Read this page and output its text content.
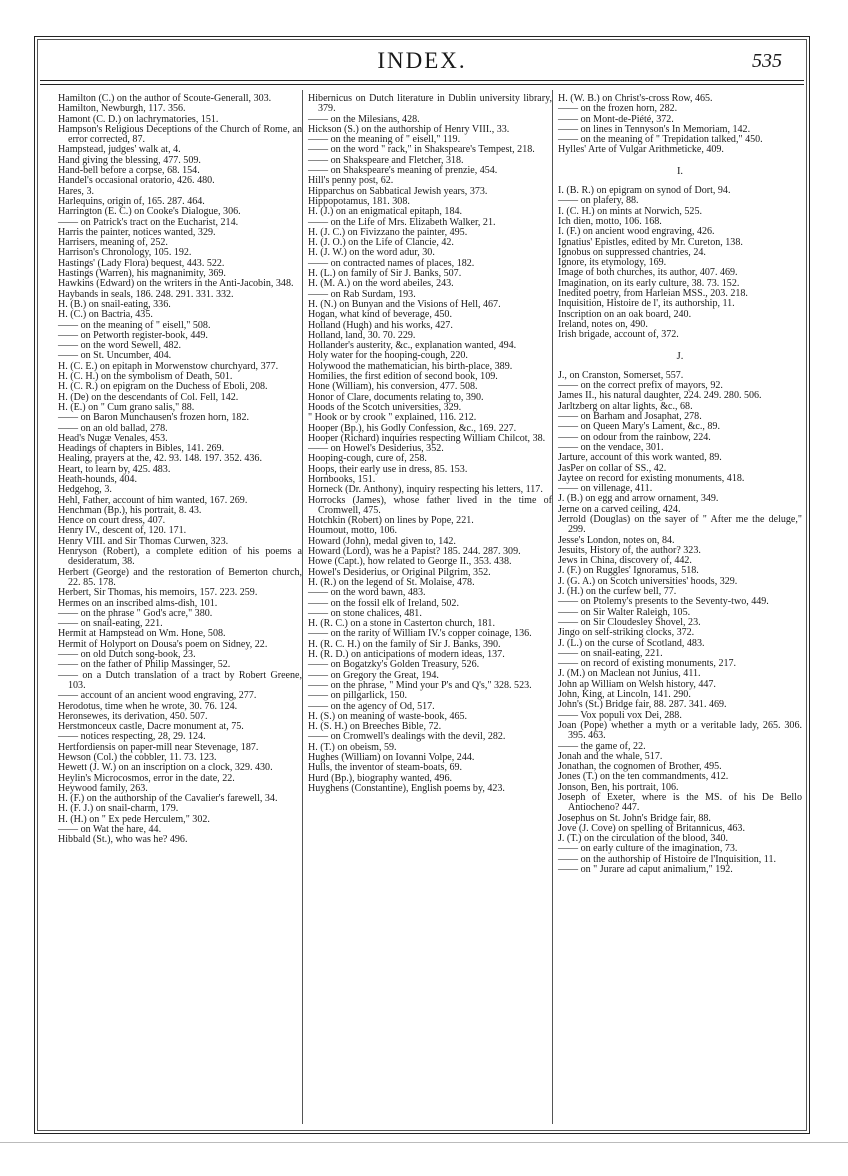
INDEX.	535

Hamilton (C.) on the author of Scoute-Generall, 303.

Hamilton, Newburgh, 117. 356.

Hamont (C. D.) on lachrymatories, 151.

Hampson's Religious Deceptions of the Church of Rome, an error corrected, 87.

Hampstead, judges' walk at, 4.

Hand giving the blessing, 477. 509.

Hand-bell before a corpse, 68. 154.

Handel's occasional oratorio, 426. 480.

Hares, 3.

Harlequins, origin of, 165. 287. 464.

Harrington (E. C.) on Cooke's Dialogue, 306.

—— on Patrick's tract on the Eucharist, 214.

Harris the painter, notices wanted, 329.

Harrisers, meaning of, 252.

Harrison's Chronology, 105. 192.

Hastings' (Lady Flora) bequest, 443. 522.

Hastings (Warren), his magnanimity, 369.

Hawkins (Edward) on the writers in the Anti-Jacobin, 348.

Haybands in seals, 186. 248. 291. 331. 332.

H. (B.) on snail-eating, 336.

H. (C.) on Bactria, 435.

—— on the meaning of " eisell," 508.

—— on Petworth register-book, 449.

—— on the word Sewell, 482.

—— on St. Uncumber, 404.

H. (C. E.) on epitaph in Morwenstow churchyard, 377.

H. (C. H.) on the symbolism of Death, 501.

H. (C. R.) on epigram on the Duchess of Eboli, 208.

H. (De) on the descendants of Col. Fell, 142.

H. (E.) on " Cum grano salis," 88.

—— on Baron Munchausen's frozen horn, 182.

—— on an old ballad, 278.

Head's Nugæ Venales, 453.

Headings of chapters in Bibles, 141. 269.

Healing, prayers at the, 42. 93. 148. 197. 352. 436.

Heart, to learn by, 425. 483.

Heath-hounds, 404.

Hedgehog, 3.

Hehl, Father, account of him wanted, 167. 269.

Henchman (Bp.), his portrait, 8. 43.

Hence on court dress, 407.

Henry IV., descent of, 120. 171.

Henry VIII. and Sir Thomas Curwen, 323.

Henryson (Robert), a complete edition of his poems a desideratum, 38.

Herbert (George) and the restoration of Bemerton church, 22. 85. 178.

Herbert, Sir Thomas, his memoirs, 157. 223. 259.

Hermes on an inscribed alms-dish, 101.

—— on the phrase " God's acre," 380.

—— on snail-eating, 221.

Hermit at Hampstead on Wm. Hone, 508.

Hermit of Holyport on Dousa's poem on Sidney, 22.

—— on old Dutch song-book, 23.

—— on the father of Philip Massinger, 52.

—— on a Dutch translation of a tract by Robert Greene, 103.

—— account of an ancient wood engraving, 277.

Herodotus, time when he wrote, 30. 76. 124.

Heronsewes, its derivation, 450. 507.

Herstmonceux castle, Dacre monument at, 75.

—— notices respecting, 28, 29. 124.

Hertfordiensis on paper-mill near Stevenage, 187.

Hewson (Col.) the cobbler, 11. 73. 123.

Hewett (J. W.) on an inscription on a clock, 329. 430.

Heylin's Microcosmos, error in the date, 22.

Heywood family, 263.

H. (F.) on the authorship of the Cavalier's farewell, 34.

H. (F. J.) on snail-charm, 179.

H. (H.) on " Ex pede Herculem," 302.

—— on Wat the hare, 44.

Hibbald (St.), who was he? 496.

Hibernicus on Dutch literature in Dublin university library, 379.

—— on the Milesians, 428.

Hickson (S.) on the authorship of Henry VIII., 33.

—— on the meaning of " eisell," 119.

—— on the word " rack," in Shakspeare's Tempest, 218.

—— on Shakspeare and Fletcher, 318.

—— on Shakspeare's meaning of prenzie, 454.

Hill's penny post, 62.

Hipparchus on Sabbatical Jewish years, 373.

Hippopotamus, 181. 308.

H. (J.) on an enigmatical epitaph, 184.

—— on the Life of Mrs. Elizabeth Walker, 21.

H. (J. C.) on Fivizzano the painter, 495.

H. (J. O.) on the Life of Clancie, 42.

H. (J. W.) on the word adur, 30.

—— on contracted names of places, 182.

H. (L.) on family of Sir J. Banks, 507.

H. (M. A.) on the word abeiles, 243.

—— on Rab Surdam, 193.

H. (N.) on Bunyan and the Visions of Hell, 467.

Hogan, what kind of beverage, 450.

Holland (Hugh) and his works, 427.

Holland, land, 30. 70. 229.

Hollander's austerity, &c., explanation wanted, 494.

Holy water for the hooping-cough, 220.

Holywood the mathematician, his birth-place, 389.

Homilies, the first edition of second book, 109.

Hone (William), his conversion, 477. 508.

Honor of Clare, documents relating to, 390.

Hoods of the Scotch universities, 329.

" Hook or by crook " explained, 116. 212.

Hooper (Bp.), his Godly Confession, &c., 169. 227.

Hooper (Richard) inquiries respecting William Chilcot, 38.

—— on Howel's Desiderius, 352.

Hooping-cough, cure of, 258.

Hoops, their early use in dress, 85. 153.

Hornbooks, 151.

Horneck (Dr. Anthony), inquiry respecting his letters, 117.

Horrocks (James), whose father lived in the time of Cromwell, 475.

Hotchkin (Robert) on lines by Pope, 221.

Houmout, motto, 106.

Howard (John), medal given to, 142.

Howard (Lord), was he a Papist? 185. 244. 287. 309.

Howe (Capt.), how related to George II., 353. 438.

Howel's Desiderius, or Original Pilgrim, 352.

H. (R.) on the legend of St. Molaise, 478.

—— on the word bawn, 483.

—— on the fossil elk of Ireland, 502.

—— on stone chalices, 481.

H. (R. C.) on a stone in Casterton church, 181.

—— on the rarity of William IV.'s copper coinage, 136.

H. (R. C. H.) on the family of Sir J. Banks, 390.

H. (R. D.) on anticipations of modern ideas, 137.

—— on Bogatzky's Golden Treasury, 526.

—— on Gregory the Great, 194.

—— on the phrase, " Mind your P's and Q's," 328. 523.

—— on pillgarlick, 150.

—— on the agency of Od, 517.

H. (S.) on meaning of waste-book, 465.

H. (S. H.) on Breeches Bible, 72.

—— on Cromwell's dealings with the devil, 282.

H. (T.) on obeism, 59.

Hughes (William) on Iovanni Volpe, 244.

Hulls, the inventor of steam-boats, 69.

Hurd (Bp.), biography wanted, 496.

Huyghens (Constantine), English poems by, 423.

H. (W. B.) on Christ's-cross Row, 465.

—— on the frozen horn, 282.

—— on Mont-de-Piété, 372.

—— on lines in Tennyson's In Memoriam, 142.

—— on the meaning of " Trepidation talked," 450.

Hylles' Arte of Vulgar Arithmeticke, 409.

I.

I. (B. R.) on epigram on synod of Dort, 94.

—— on plafery, 88.

I. (C. H.) on mints at Norwich, 525.

Ich dien, motto, 106. 168.

I. (F.) on ancient wood engraving, 426.

Ignatius' Epistles, edited by Mr. Cureton, 138.

Ignobus on suppressed chantries, 24.

Ignore, its etymology, 169.

Image of both churches, its author, 407. 469.

Imagination, on its early culture, 38. 73. 152.

Inedited poetry, from Harleian MSS., 203. 218.

Inquisition, Histoire de l', its authorship, 11.

Inscription on an oak board, 240.

Ireland, notes on, 490.

Irish brigade, account of, 372.

J.

J., on Cranston, Somerset, 557.

—— on the correct prefix of mayors, 92.

James II., his natural daughter, 224. 249. 280. 506.

Jarltzberg on altar lights, &c., 68.

—— on Barham and Josaphat, 278.

—— on Queen Mary's Lament, &c., 89.

—— on odour from the rainbow, 224.

—— on the vendace, 301.

Jarture, account of this work wanted, 89.

JasPer on collar of SS., 42.

Jaytee on record for existing monuments, 418.

—— on villenage, 411.

J. (B.) on egg and arrow ornament, 349.

Jerne on a carved ceiling, 424.

Jerrold (Douglas) on the sayer of " After me the deluge," 299.

Jesse's London, notes on, 84.

Jesuits, History of, the author? 323.

Jews in China, discovery of, 442.

J. (F.) on Ruggles' Ignoramus, 518.

J. (G. A.) on Scotch universities' hoods, 329.

J. (H.) on the curfew bell, 77.

—— on Ptolemy's presents to the Seventy-two, 449.

—— on Sir Walter Raleigh, 105.

—— on Sir Cloudesley Shovel, 23.

Jingo on self-striking clocks, 372.

J. (L.) on the curse of Scotland, 483.

—— on snail-eating, 221.

—— on record of existing monuments, 217.

J. (M.) on Maclean not Junius, 411.

John ap William on Welsh history, 447.

John, King, at Lincoln, 141. 290.

John's (St.) Bridge fair, 88. 287. 341. 469.

—— Vox populi vox Dei, 288.

Joan (Pope) whether a myth or a veritable lady, 265. 306. 395. 463.

—— the game of, 22.

Jonah and the whale, 517.

Jonathan, the cognomen of Brother, 495.

Jones (T.) on the ten commandments, 412.

Jonson, Ben, his portrait, 106.

Joseph of Exeter, where is the MS. of his De Bello Antiocheno? 447.

Josephus on St. John's Bridge fair, 88.

Jove (J. Cove) on spelling of Britannicus, 463.

J. (T.) on the circulation of the blood, 340.

—— on early culture of the imagination, 73.

—— on the authorship of Histoire de l'Inquisition, 11.

—— on " Jurare ad caput animalium," 192.
